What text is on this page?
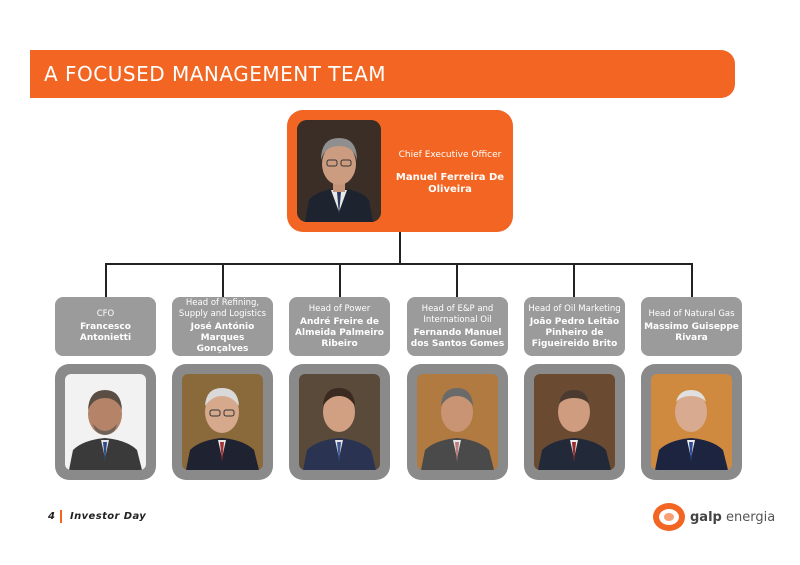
A FOCUSED MANAGEMENT TEAM
Chief Executive Officer
Manuel Ferreira De Oliveira
CFO
Francesco Antonietti
Head of Refining, Supply and Logistics
José António Marques Gonçalves
Head of Power
André Freire de Almeida Palmeiro Ribeiro
Head of E&P and International Oil
Fernando Manuel dos Santos Gomes
Head of Oil Marketing
João Pedro Leitão Pinheiro de Figueireido Brito
Head of Natural Gas
Massimo Guiseppe Rivara
4 Investor Day	galp energia
